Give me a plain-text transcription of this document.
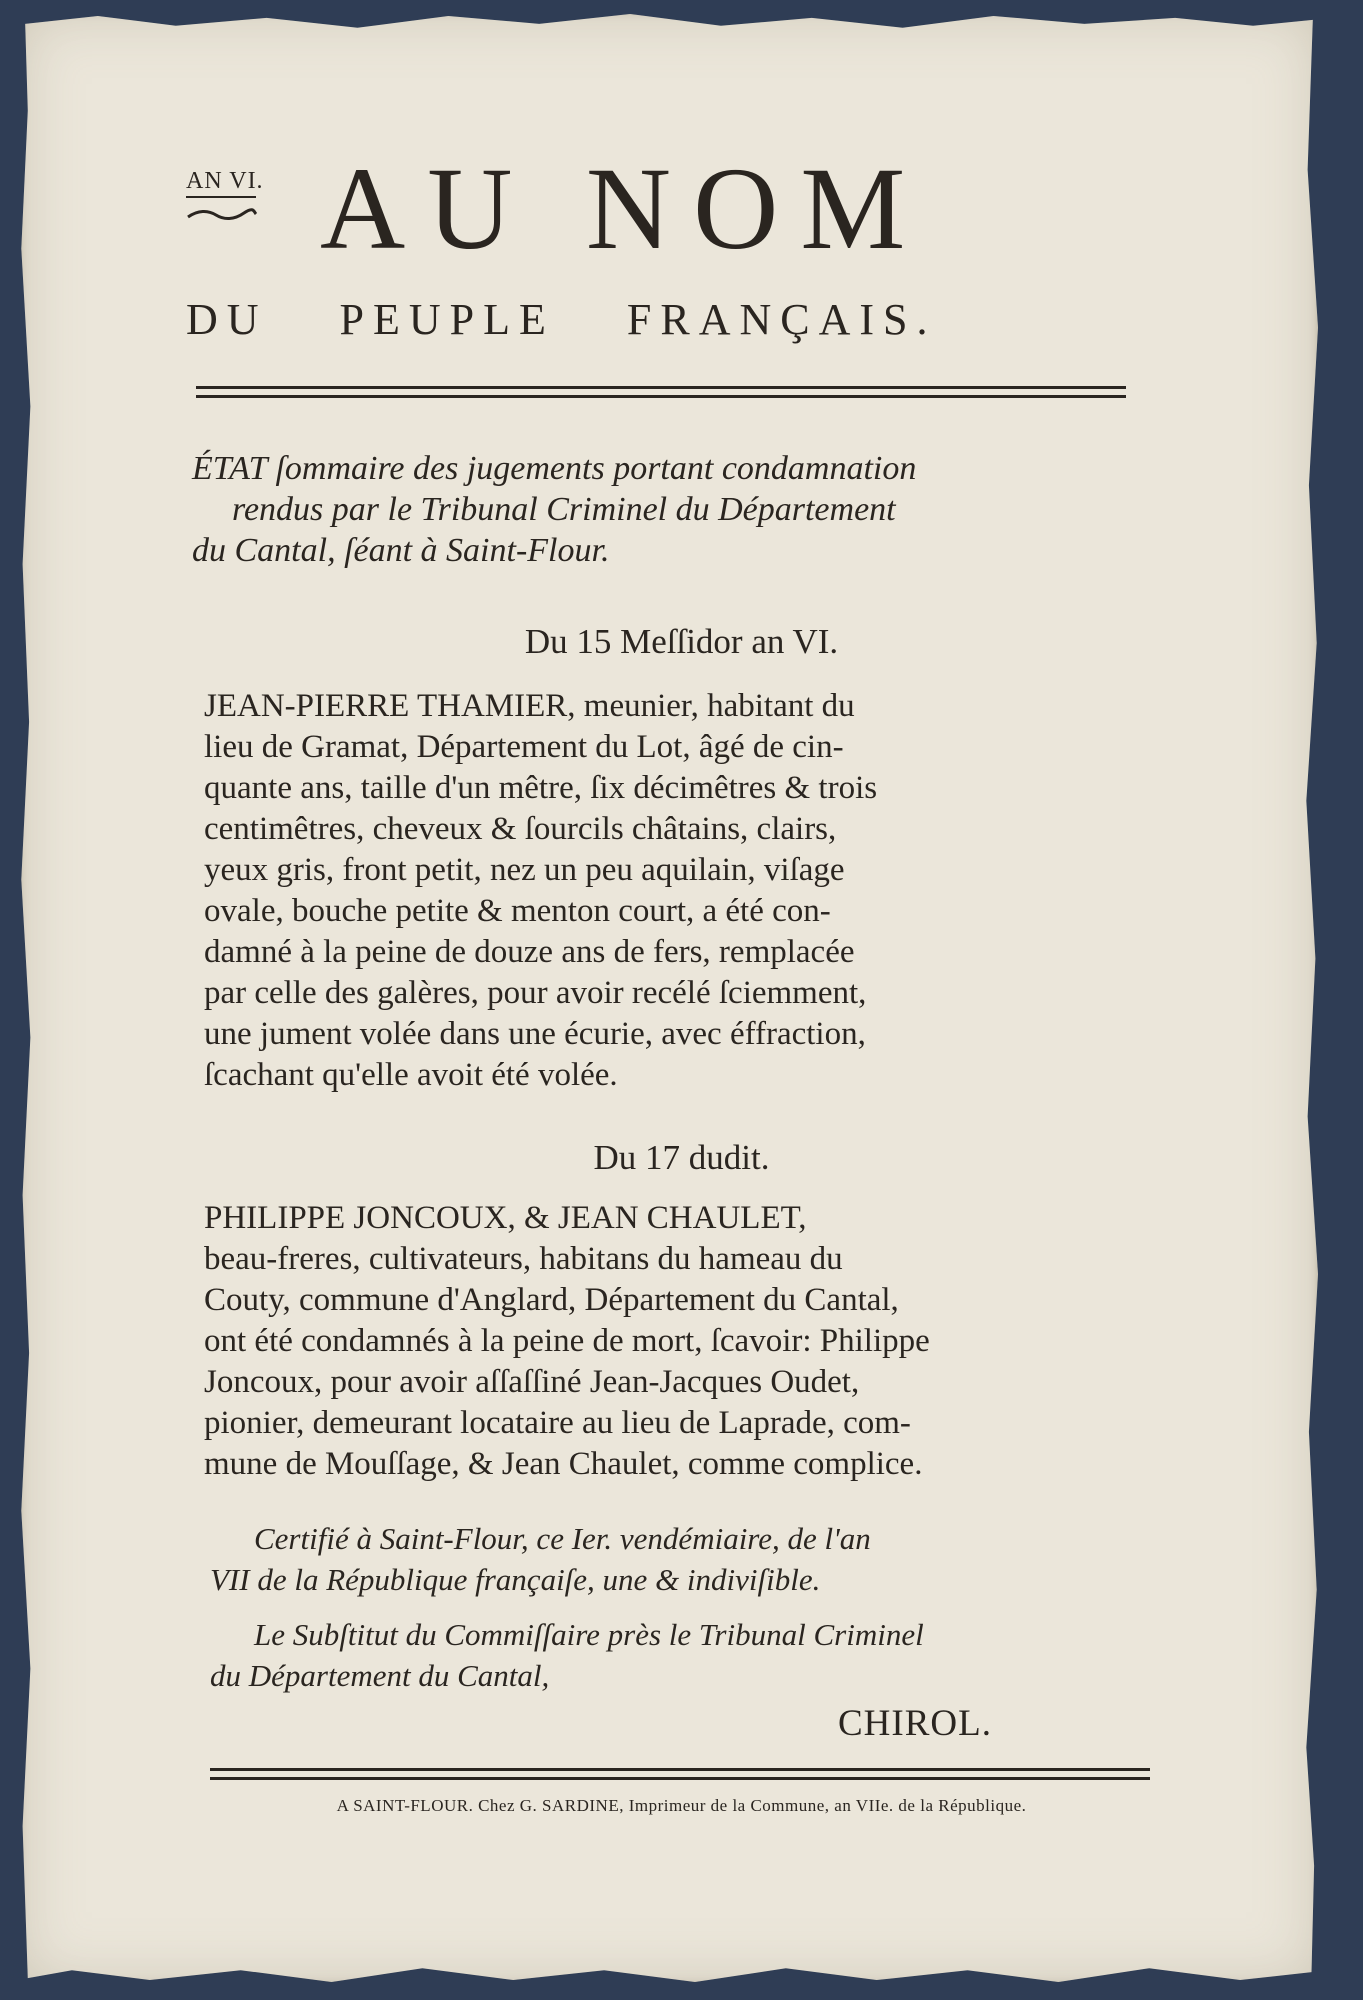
AN VI. AU NOM
DU PEUPLE FRANÇAIS.
ÉTAT ſommaire des jugements portant condamnation
rendus par le Tribunal Criminel du Département
du Cantal, ſéant à Saint-Flour.
Du 15 Meſſidor an VI.
JEAN-PIERRE THAMIER, meunier, habitant du
lieu de Gramat, Département du Lot, âgé de cin-
quante ans, taille d'un mêtre, ſix décimêtres & trois
centimêtres, cheveux & ſourcils châtains, clairs,
yeux gris, front petit, nez un peu aquilain, viſage
ovale, bouche petite & menton court, a été con-
damné à la peine de douze ans de fers, remplacée
par celle des galères, pour avoir recélé ſciemment,
une jument volée dans une écurie, avec éffraction,
ſcachant qu'elle avoit été volée.
Du 17 dudit.
PHILIPPE JONCOUX, & JEAN CHAULET,
beau-freres, cultivateurs, habitans du hameau du
Couty, commune d'Anglard, Département du Cantal,
ont été condamnés à la peine de mort, ſcavoir: Philippe
Joncoux, pour avoir aſſaſſiné Jean-Jacques Oudet,
pionier, demeurant locataire au lieu de Laprade, com-
mune de Mouſſage, & Jean Chaulet, comme complice.
Certifié à Saint-Flour, ce Ier. vendémiaire, de l'an
VII de la République françaiſe, une & indiviſible.
Le Subſtitut du Commiſſaire près le Tribunal Criminel
du Département du Cantal,
CHIROL.
A SAINT-FLOUR. Chez G. SARDINE, Imprimeur de la Commune, an VIIe. de la République.
